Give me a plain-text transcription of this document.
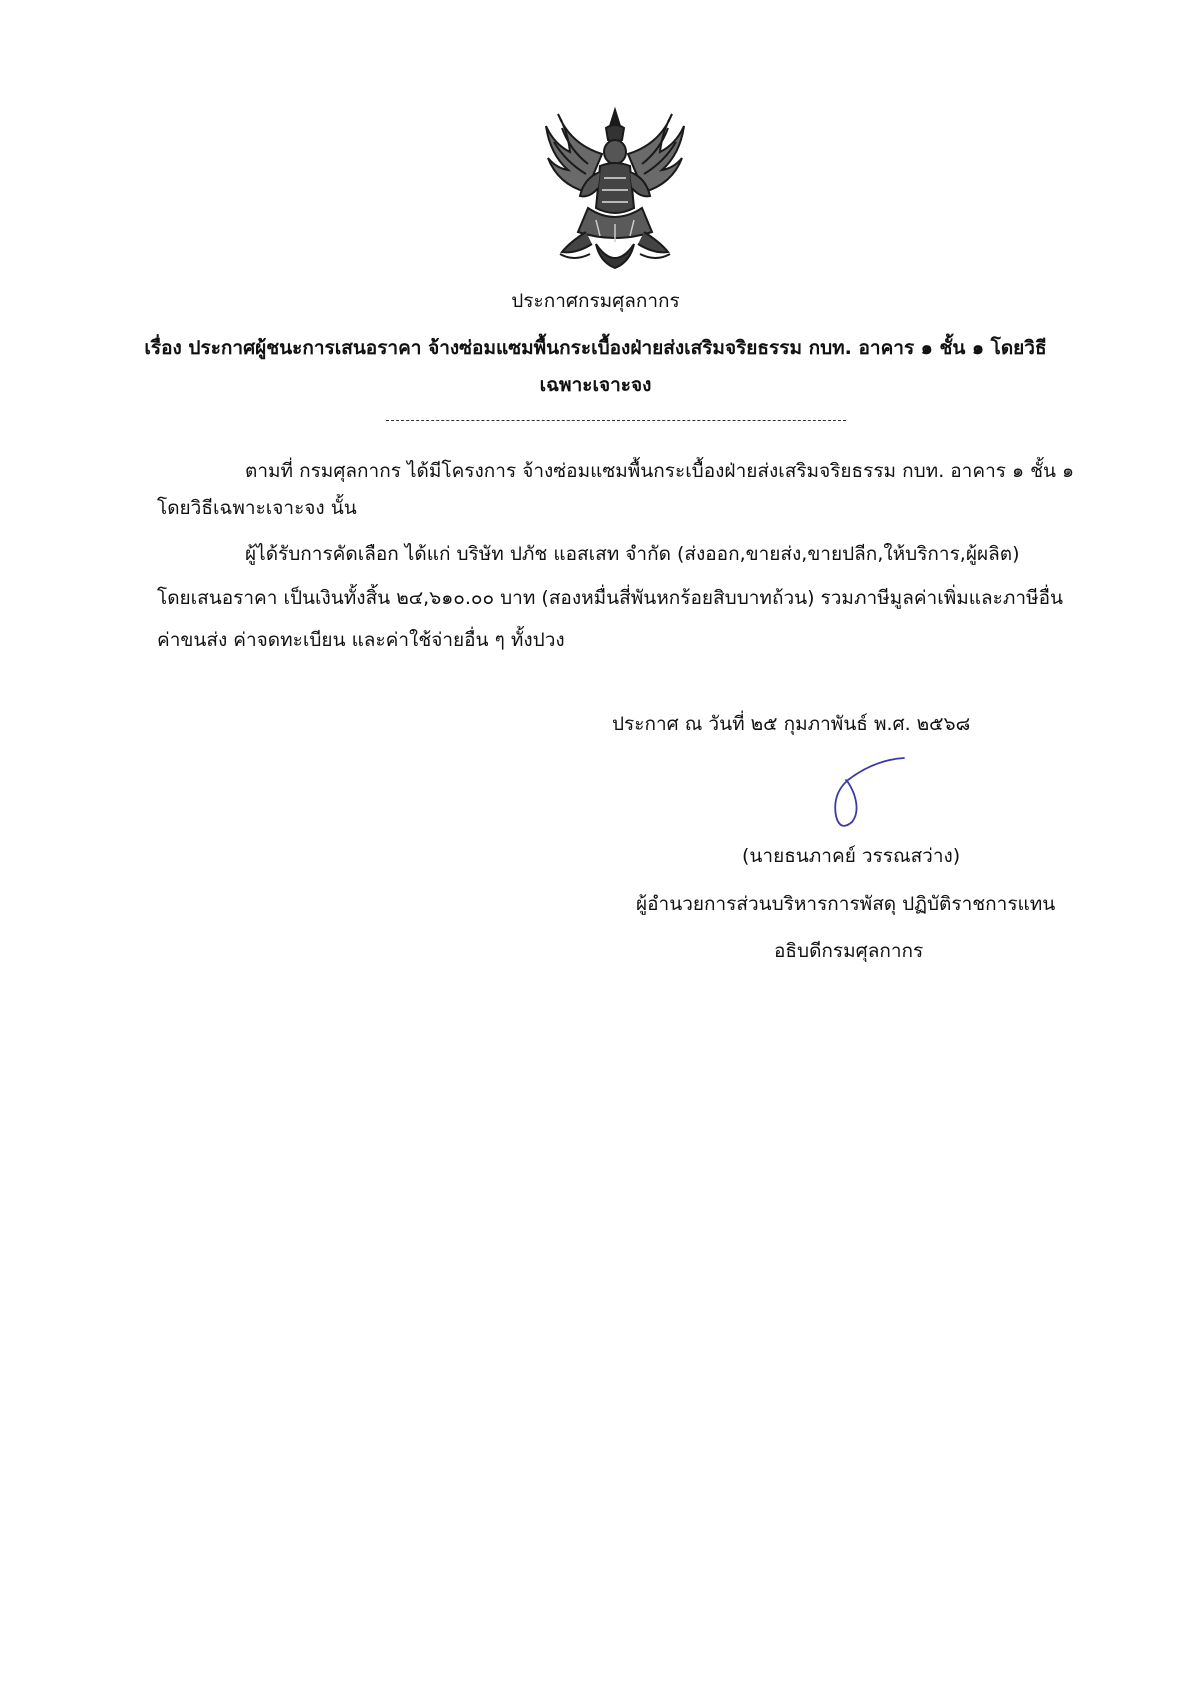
ประกาศกรมศุลกากร
เรื่อง ประกาศผู้ชนะการเสนอราคา จ้างซ่อมแซมพื้นกระเบื้องฝ่ายส่งเสริมจริยธรรม กบท. อาคาร ๑ ชั้น ๑ โดยวิธี
เฉพาะเจาะจง
ตามที่ กรมศุลกากร ได้มีโครงการ จ้างซ่อมแซมพื้นกระเบื้องฝ่ายส่งเสริมจริยธรรม กบท. อาคาร ๑ ชั้น ๑
โดยวิธีเฉพาะเจาะจง นั้น
ผู้ได้รับการคัดเลือก ได้แก่ บริษัท ปภัช แอสเสท จำกัด (ส่งออก,ขายส่ง,ขายปลีก,ให้บริการ,ผู้ผลิต)
โดยเสนอราคา เป็นเงินทั้งสิ้น ๒๔,๖๑๐.๐๐ บาท (สองหมื่นสี่พันหกร้อยสิบบาทถ้วน) รวมภาษีมูลค่าเพิ่มและภาษีอื่น
ค่าขนส่ง ค่าจดทะเบียน และค่าใช้จ่ายอื่น ๆ ทั้งปวง
ประกาศ ณ วันที่ ๒๕ กุมภาพันธ์ พ.ศ. ๒๕๖๘
(นายธนภาคย์ วรรณสว่าง)
ผู้อำนวยการส่วนบริหารการพัสดุ ปฏิบัติราชการแทน
อธิบดีกรมศุลกากร
